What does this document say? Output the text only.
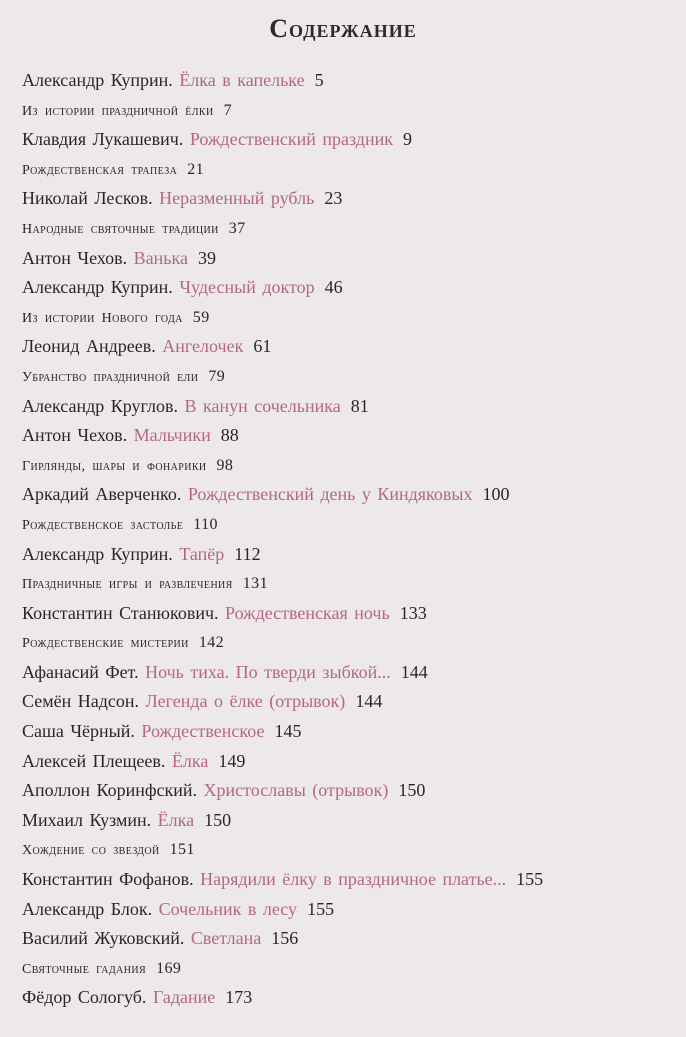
Содержание
Александр Куприн. Ёлка в капельке 5
Из истории праздничной ёлки 7
Клавдия Лукашевич. Рождественский праздник 9
Рождественская трапеза 21
Николай Лесков. Неразменный рубль 23
Народные святочные традиции 37
Антон Чехов. Ванька 39
Александр Куприн. Чудесный доктор 46
Из истории Нового года 59
Леонид Андреев. Ангелочек 61
Убранство праздничной ели 79
Александр Круглов. В канун сочельника 81
Антон Чехов. Мальчики 88
Гирлянды, шары и фонарики 98
Аркадий Аверченко. Рождественский день у Киндяковых 100
Рождественское застолье 110
Александр Куприн. Тапёр 112
Праздничные игры и развлечения 131
Константин Станюкович. Рождественская ночь 133
Рождественские мистерии 142
Афанасий Фет. Ночь тиха. По тверди зыбкой... 144
Семён Надсон. Легенда о ёлке (отрывок) 144
Саша Чёрный. Рождественское 145
Алексей Плещеев. Ёлка 149
Аполлон Коринфский. Христославы (отрывок) 150
Михаил Кузмин. Ёлка 150
Хождение со звездой 151
Константин Фофанов. Нарядили ёлку в праздничное платье... 155
Александр Блок. Сочельник в лесу 155
Василий Жуковский. Светлана 156
Святочные гадания 169
Фёдор Сологуб. Гадание 173
